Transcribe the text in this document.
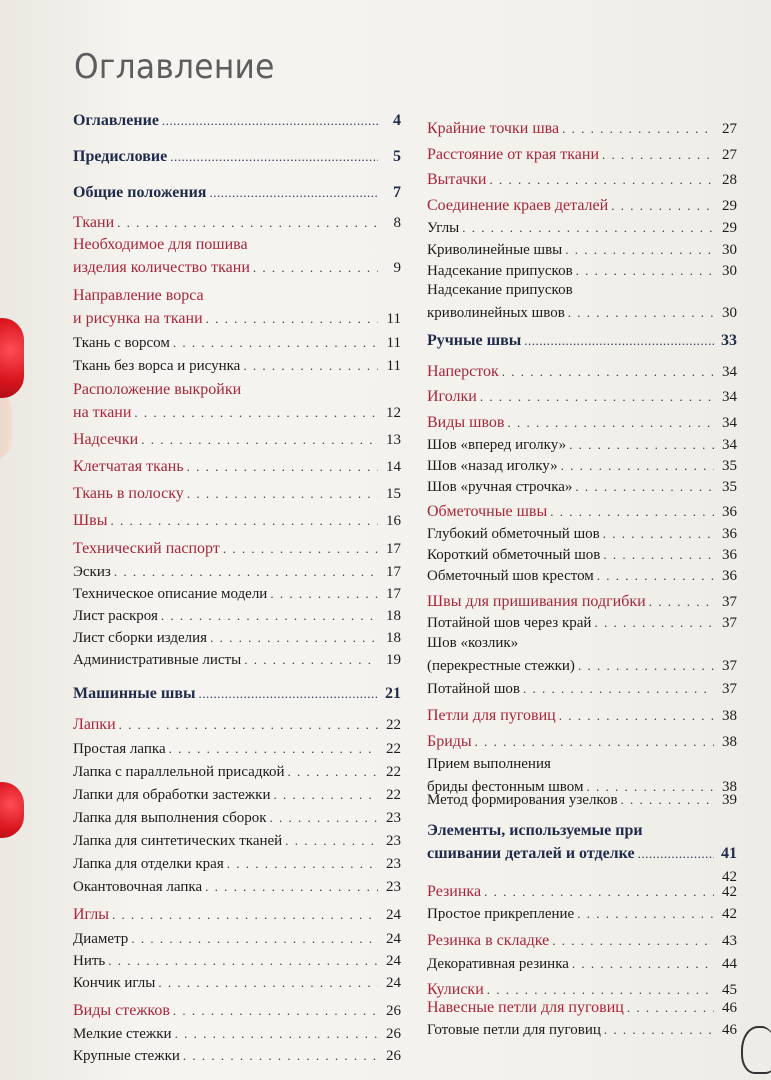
Оглавление
Оглавление .....	4
Предисловие .....	5
Общие положения .....	7
Ткани . . .	8
Необходимое для пошива
изделия количество ткани . . .	9
Направление ворса
и рисунка на ткани . . .	11
Ткань с ворсом . . .	11
Ткань без ворса и рисунка . . .	11
Расположение выкройки
на ткани . . .	12
Надсечки . . .	13
Клетчатая ткань . . .	14
Ткань в полоску . . .	15
Швы . . .	16
Технический паспорт . . .	17
Эскиз . . .	17
Техническое описание модели . . .	17
Лист раскроя . . .	18
Лист сборки изделия . . .	18
Административные листы . . .	19
Машинные швы .....	21
Лапки . . .	22
Простая лапка . . .	22
Лапка с параллельной присадкой . . .	22
Лапки для обработки застежки . . .	22
Лапка для выполнения сборок . . .	23
Лапка для синтетических тканей . . .	23
Лапка для отделки края . . .	23
Окантовочная лапка . . .	23
Иглы . . .	24
Диаметр . . .	24
Нить . . .	24
Кончик иглы . . .	24
Виды стежков . . .	26
Мелкие стежки . . .	26
Крупные стежки . . .	26
Крайние точки шва . . .	27
Расстояние от края ткани . . .	27
Вытачки . . .	28
Соединение краев деталей . . .	29
Углы . . .	29
Криволинейные швы . . .	30
Надсекание припусков . . .	30
Надсекание припусков
криволинейных швов . . .	30
Ручные швы .....	33
Наперсток . . .	34
Иголки . . .	34
Виды швов . . .	34
Шов «вперед иголку» . . .	34
Шов «назад иголку» . . .	35
Шов «ручная строчка» . . .	35
Обметочные швы . . .	36
Глубокий обметочный шов . . .	36
Короткий обметочный шов . . .	36
Обметочный шов крестом . . .	36
Швы для пришивания подгибки . . .	37
Потайной шов через край . . .	37
Шов «козлик»
(перекрестные стежки) . . .	37
Потайной шов . . .	37
Петли для пуговиц . . .	38
Бриды . . .	38
Прием выполнения
бриды фестонным швом . . .	38
Метод формирования узелков . . .	39
Элементы, используемые при
сшивании деталей и отделке .....	41
42
Резинка . . .	42
Простое прикрепление . . .	42
Резинка в складке . . .	43
Декоративная резинка . . .	44
Кулиски . . .	45
Навесные петли для пуговиц . . .	46
Готовые петли для пуговиц . . .	46
